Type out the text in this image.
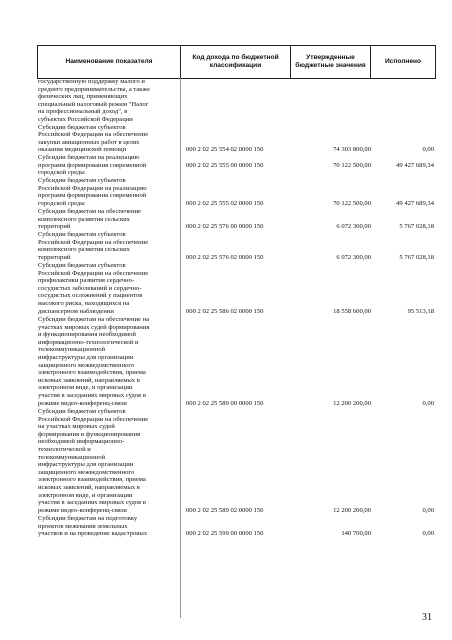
Наименование показателя	Код дохода по бюджетной классификации	Утвержденные бюджетные значения	Исполнено
государственную поддержку малого и
среднего предпринимательства, а также
физических лиц, применяющих
специальный налоговый режим "Налог
на профессиональный доход", в
субъектах Российской Федерации
Субсидии бюджетам субъектов
Российской Федерации на обеспечение
закупки авиационных работ в целях
оказания медицинской помощи	000 2 02 25 554 02 0000 150	74 303 800,00	0,00
Субсидии бюджетам на реализацию
программ формирования современной
городской среды
000 2 02 25 555 00 0000 150	70 122 500,00	49 427 689,34
Субсидии бюджетам субъектов
Российской Федерации на реализацию
программ формирования современной
городской среды	000 2 02 25 555 02 0000 150	70 122 500,00	49 427 689,34
Субсидии бюджетам на обеспечение
комплексного развития сельских
территорий	000 2 02 25 576 00 0000 150	6 072 300,00	5 767 028,18
Субсидии бюджетам субъектов
Российской Федерации на обеспечение
комплексного развития сельских
территорий	000 2 02 25 576 02 0000 150	6 072 300,00	5 767 028,18
Субсидии бюджетам субъектов
Российской Федерации на обеспечение
профилактики развития сердечно-
сосудистых заболеваний и сердечно-
сосудистых осложнений у пациентов
высокого риска, находящихся на
диспансерном наблюдении	000 2 02 25 586 02 0000 150	18 558 600,00	95 513,18
Субсидии бюджетам на обеспечение на
участках мировых судей формирования
и функционирования необходимой
информационно-технологической и
телекоммуникационной
инфраструктуры для организации
защищенного межведомственного
электронного взаимодействия, приема
исковых заявлений, направляемых в
электронном виде, и организации
участия в заседаниях мировых судов в
режиме видео-конференц-связи	000 2 02 25 589 00 0000 150	12 200 200,00	0,00
Субсидии бюджетам субъектов
Российской Федерации на обеспечение
на участках мировых судей
формирования и функционирования
необходимой информационно-
технологической и
телекоммуникационной
инфраструктуры для организации
защищенного межведомственного
электронного взаимодействия, приема
исковых заявлений, направляемых в
электронном виде, и организации
участия в заседаниях мировых судов в
режиме видео-конференц-связи	000 2 02 25 589 02 0000 150	12 200 200,00	0,00
Субсидии бюджетам на подготовку
проектов межевания земельных
участков и на проведение кадастровых	000 2 02 25 599 00 0000 150	140 700,00	0,00
31
